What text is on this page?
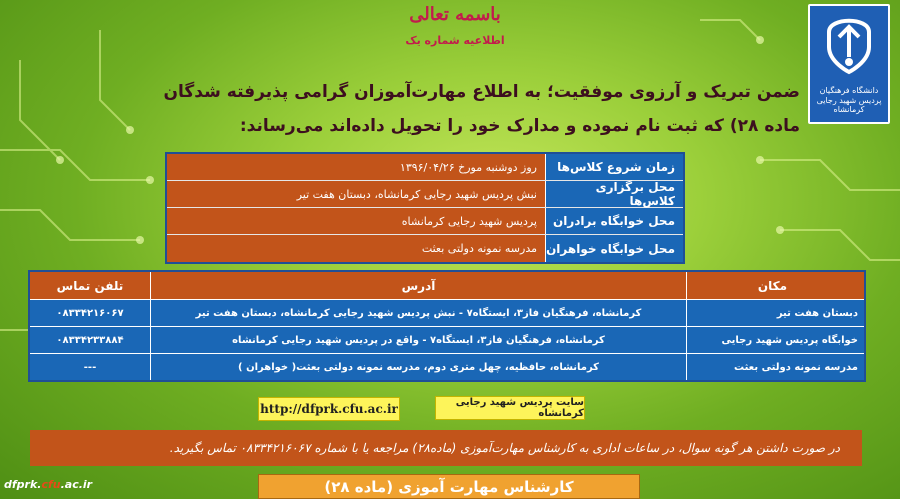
دانشگاه فرهنگیان پردیس شهید رجایی کرمانشاه
باسمه تعالی
اطلاعیه شماره یک
ضمن تبریک و آرزوی موفقیت؛ به اطلاع مهارت‌آموزان گرامی پذیرفته شدگان
ماده ۲۸) که ثبت نام نموده و مدارک خود را تحویل داده‌اند می‌رساند:
زمان شروع کلاس‌ها
روز دوشنبه مورخ ۱۳۹۶/۰۴/۲۶
محل برگزاری کلاس‌ها
نبش پردیس شهید رجایی کرمانشاه، دبستان هفت تیر
محل خوابگاه برادران
پردیس شهید رجایی کرمانشاه
محل خوابگاه خواهران
مدرسه نمونه دولتی بعثت
مکان
آدرس
تلفن تماس
دبستان هفت تیر
کرمانشاه، فرهنگیان فاز۳، ایستگاه۷ - نبش پردیس شهید رجایی کرمانشاه، دبستان هفت تیر
۰۸۳۳۴۲۱۶۰۶۷
خوابگاه پردیس شهید رجایی
کرمانشاه، فرهنگیان فاز۳، ایستگاه۷ - واقع در پردیس شهید رجایی کرمانشاه
۰۸۳۳۴۲۳۳۸۸۴
مدرسه نمونه دولتی بعثت
کرمانشاه، حافظیه، چهل متری دوم، مدرسه نمونه دولتی بعثت( خواهران )
---
http://dfprk.cfu.ac.ir	سایت پردیس شهید رجایی کرمانشاه
در صورت داشتن هر گونه سوال، در ساعات اداری به کارشناس مهارت‌آموزی (ماده۲۸) مراجعه یا با شماره ۰۸۳۳۴۲۱۶۰۶۷ تماس بگیرید.
کارشناس مهارت آموزی (ماده ۲۸)
dfprk.cfu.ac.ir
